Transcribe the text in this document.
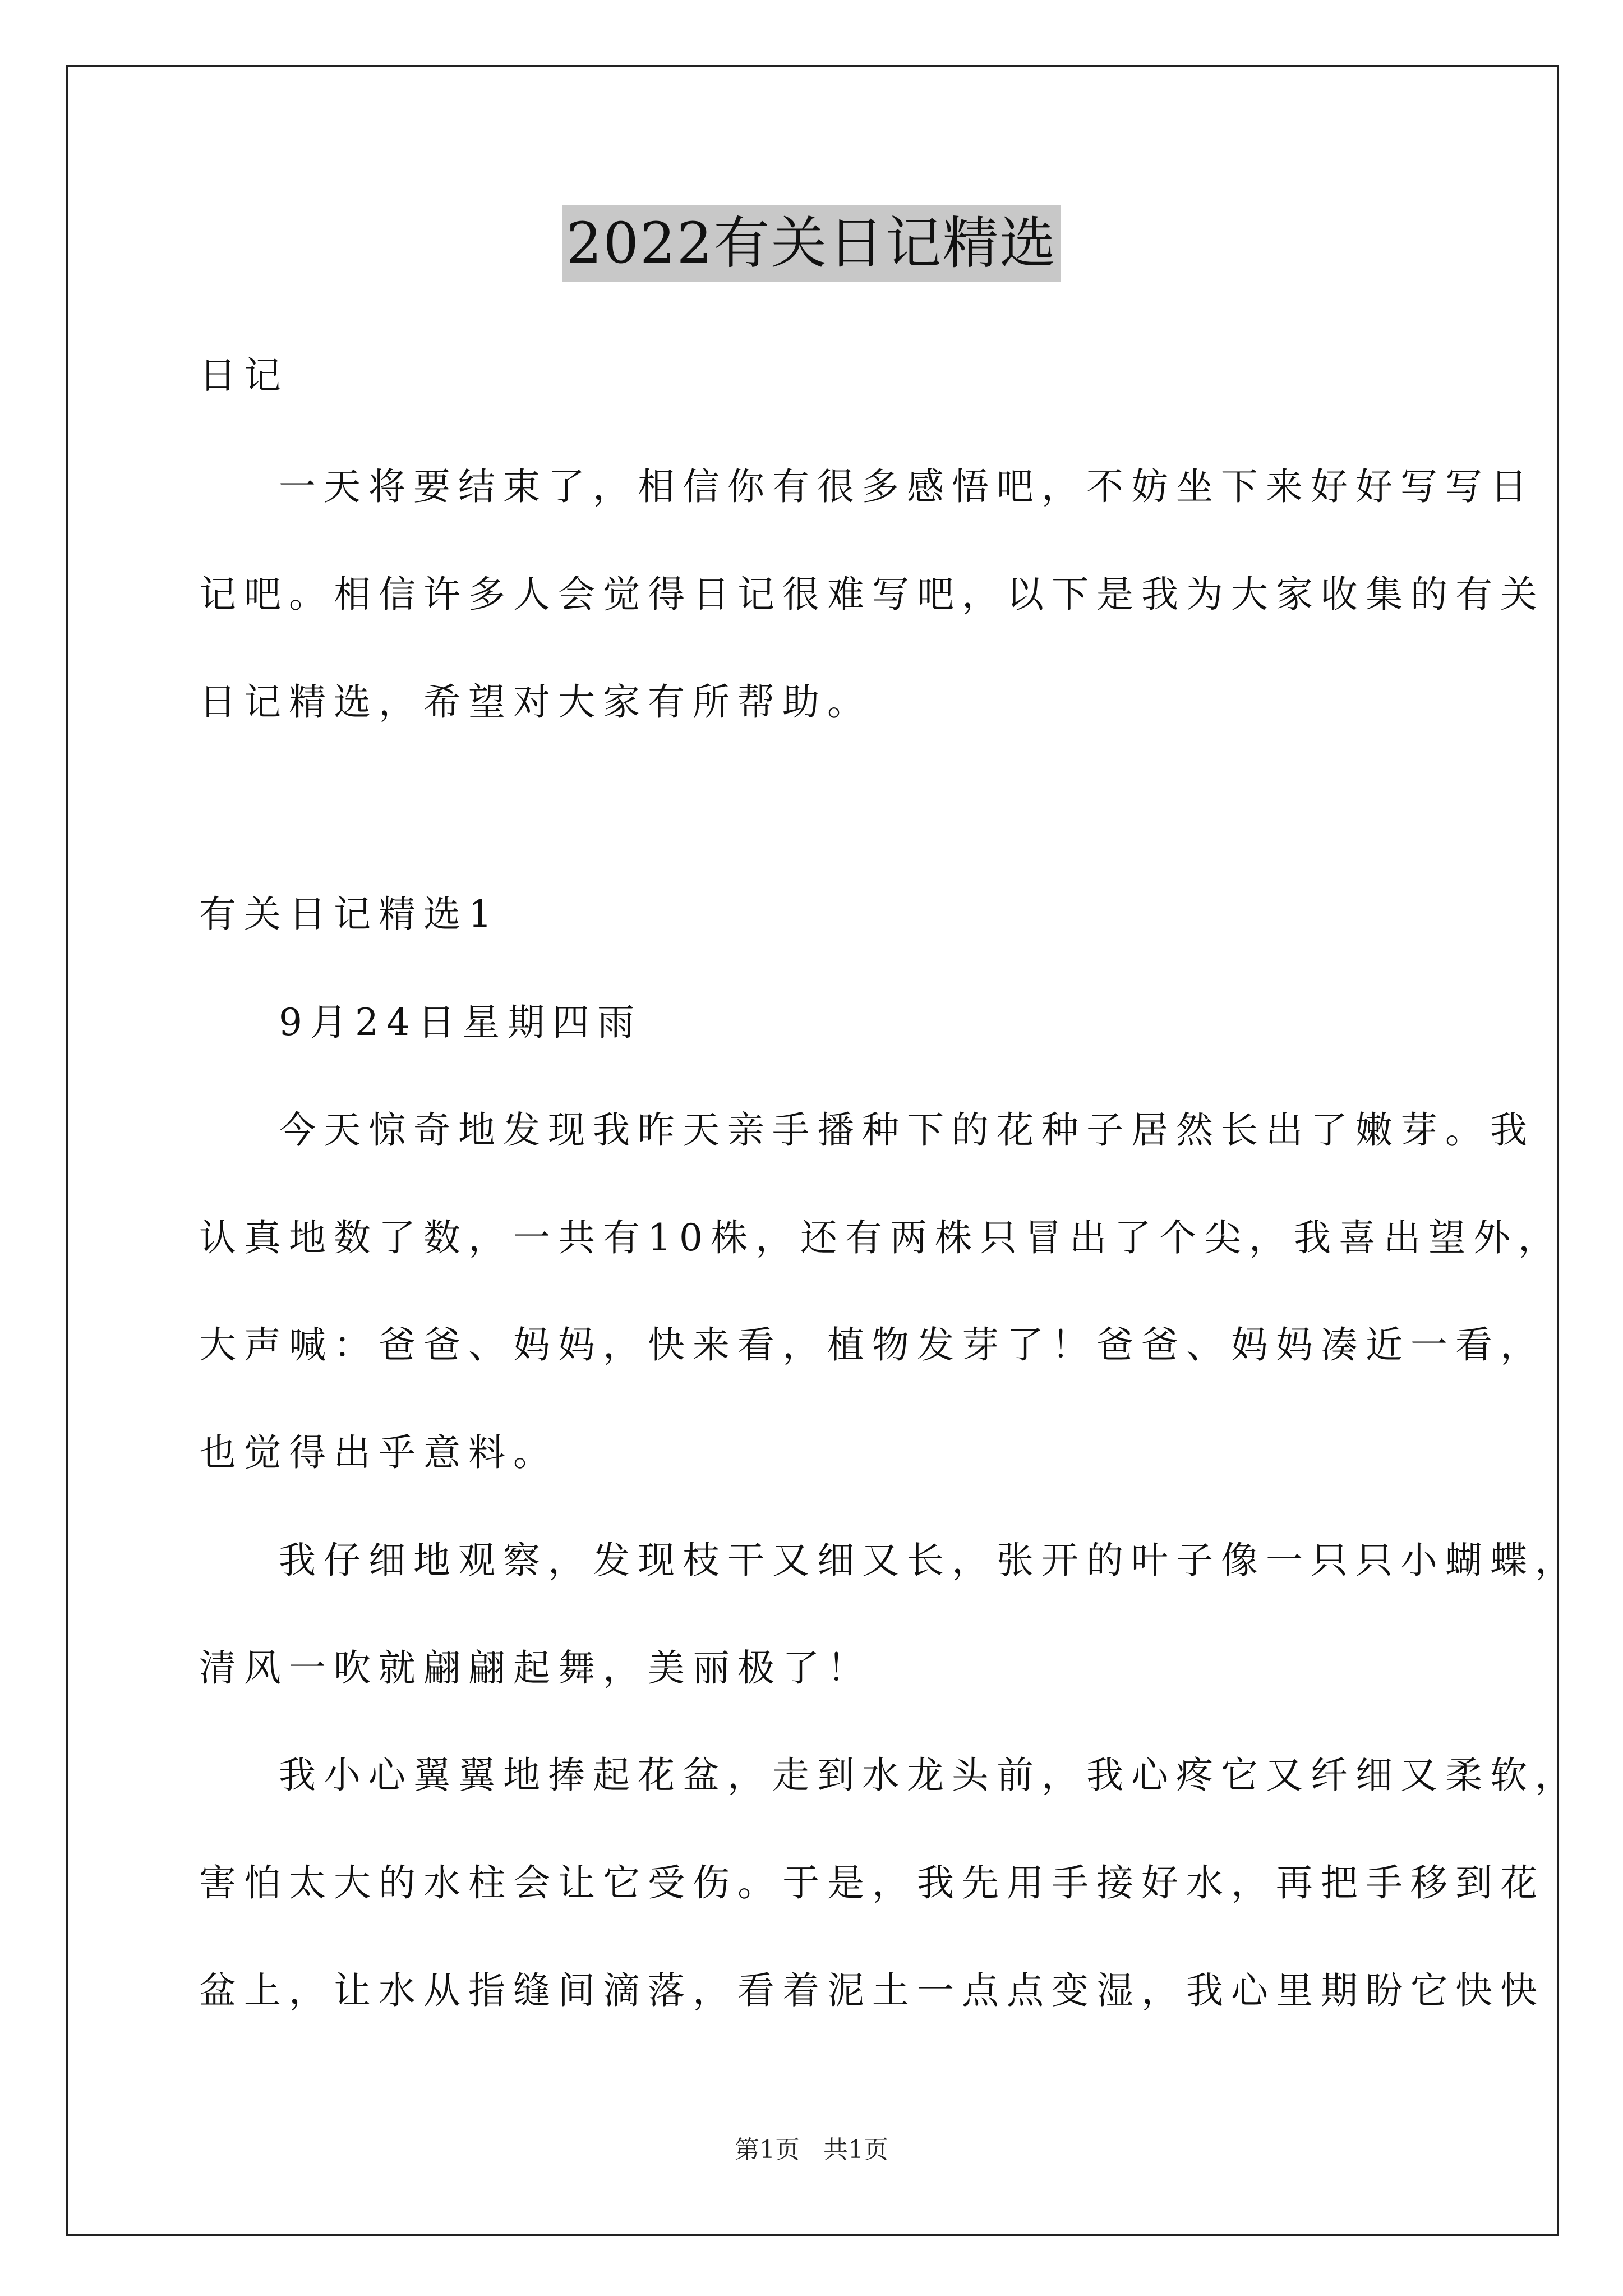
2022有关日记精选
日记
一天将要结束了，相信你有很多感悟吧，不妨坐下来好好写写日
记吧。相信许多人会觉得日记很难写吧，以下是我为大家收集的有关
日记精选，希望对大家有所帮助。
有关日记精选1
9月24日星期四雨
今天惊奇地发现我昨天亲手播种下的花种子居然长出了嫩芽。我
认真地数了数，一共有10株，还有两株只冒出了个尖，我喜出望外，
大声喊：爸爸、妈妈，快来看，植物发芽了！爸爸、妈妈凑近一看，
也觉得出乎意料。
我仔细地观察，发现枝干又细又长，张开的叶子像一只只小蝴蝶，
清风一吹就翩翩起舞，美丽极了！
我小心翼翼地捧起花盆，走到水龙头前，我心疼它又纤细又柔软，
害怕太大的水柱会让它受伤。于是，我先用手接好水，再把手移到花
盆上，让水从指缝间滴落，看着泥土一点点变湿，我心里期盼它快快
第1页 共1页
